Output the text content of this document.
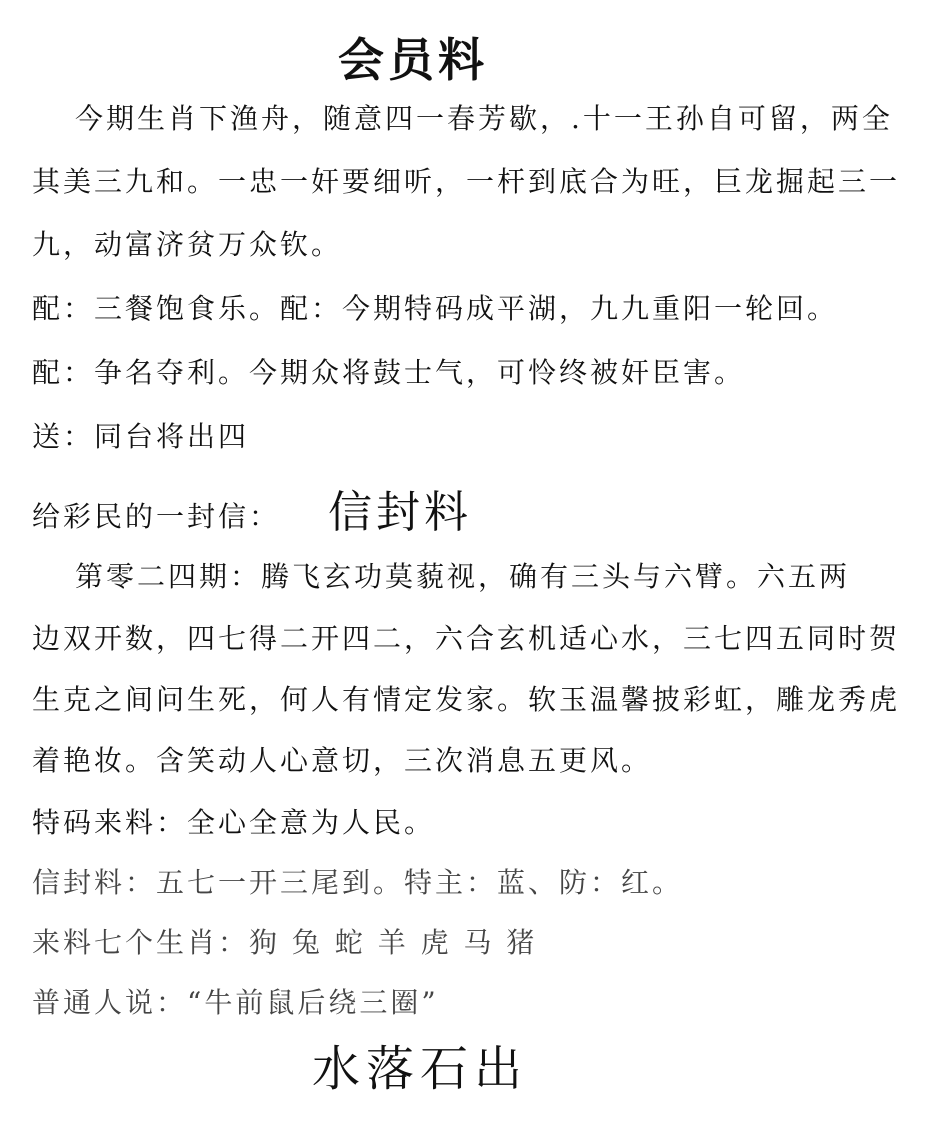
会员料
今期生肖下渔舟，随意四一春芳歇，.十一王孙自可留，两全
其美三九和。一忠一奸要细听，一杆到底合为旺，巨龙掘起三一
九，动富济贫万众钦。
配：三餐饱食乐。配：今期特码成平湖，九九重阳一轮回。
配：争名夺利。今期众将鼓士气，可怜终被奸臣害。
送：同台将出四
给彩民的一封信： 信封料
第零二四期：腾飞玄功莫藐视，确有三头与六臂。六五两
边双开数，四七得二开四二，六合玄机适心水，三七四五同时贺
生克之间问生死，何人有情定发家。软玉温馨披彩虹，雕龙秀虎
着艳妆。含笑动人心意切，三次消息五更风。
特码来料：全心全意为人民。
信封料：五七一开三尾到。特主：蓝、防：红。
来料七个生肖：狗 兔 蛇 羊 虎 马 猪
普通人说：“牛前鼠后绕三圈”
水落石出
